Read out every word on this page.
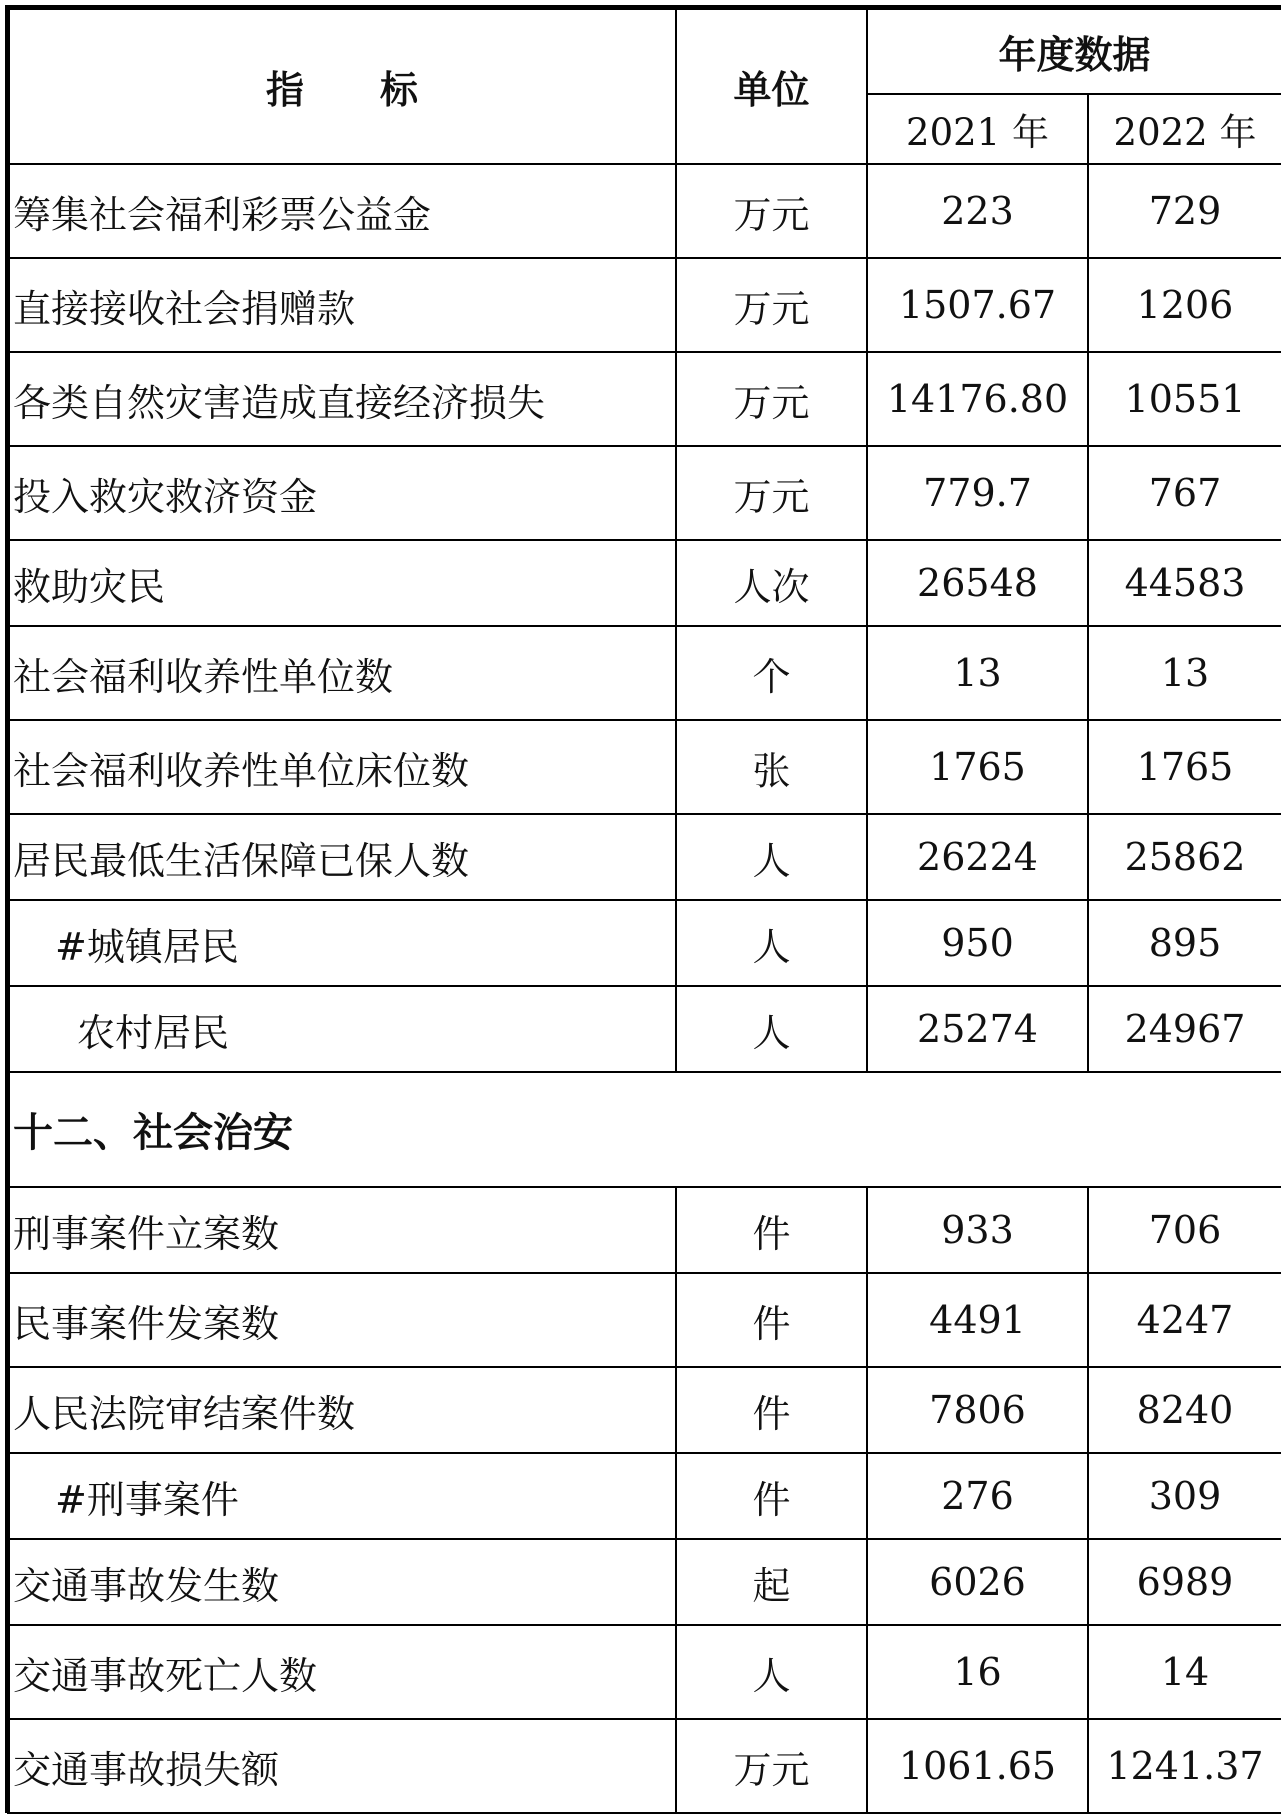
指　　标	单位	年度数据	
		2021 年	2022 年
筹集社会福利彩票公益金	万元	223	729
直接接收社会捐赠款	万元	1507.67	1206
各类自然灾害造成直接经济损失	万元	14176.80	10551
投入救灾救济资金	万元	779.7	767
救助灾民	人次	26548	44583
社会福利收养性单位数	个	13	13
社会福利收养性单位床位数	张	1765	1765
居民最低生活保障已保人数	人	26224	25862
#城镇居民	人	950	895
农村居民	人	25274	24967
十二、社会治安			
刑事案件立案数	件	933	706
民事案件发案数	件	4491	4247
人民法院审结案件数	件	7806	8240
#刑事案件	件	276	309
交通事故发生数	起	6026	6989
交通事故死亡人数	人	16	14
交通事故损失额	万元	1061.65	1241.37
